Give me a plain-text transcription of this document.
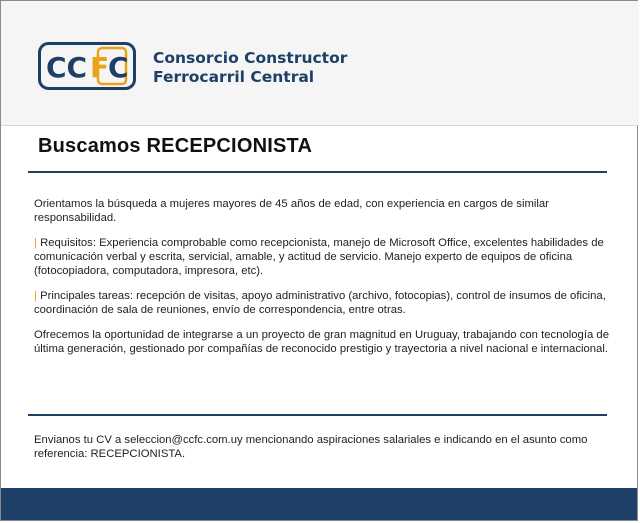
CC F
C Consorcio Constructor
Ferrocarril Central
Buscamos RECEPCIONISTA

Orientamos la búsqueda a mujeres mayores de 45 años de edad, con experiencia en cargos de similar responsabilidad.

| Requisitos: Experiencia comprobable como recepcionista, manejo de Microsoft Office, excelentes habilidades de comunicación verbal y escrita, servicial, amable, y actitud de servicio. Manejo experto de equipos de oficina (fotocopiadora, computadora, impresora, etc).

| Principales tareas: recepción de visitas, apoyo administrativo (archivo, fotocopias), control de insumos de oficina, coordinación de sala de reuniones, envío de correspondencia, entre otras.

Ofrecemos la oportunidad de integrarse a un proyecto de gran magnitud en Uruguay, trabajando con tecnología de última generación, gestionado por compañías de reconocido prestigio y trayectoria a nivel nacional e internacional.

Envianos tu CV a seleccion@ccfc.com.uy mencionando aspiraciones salariales e indicando en el asunto como referencia: RECEPCIONISTA.
